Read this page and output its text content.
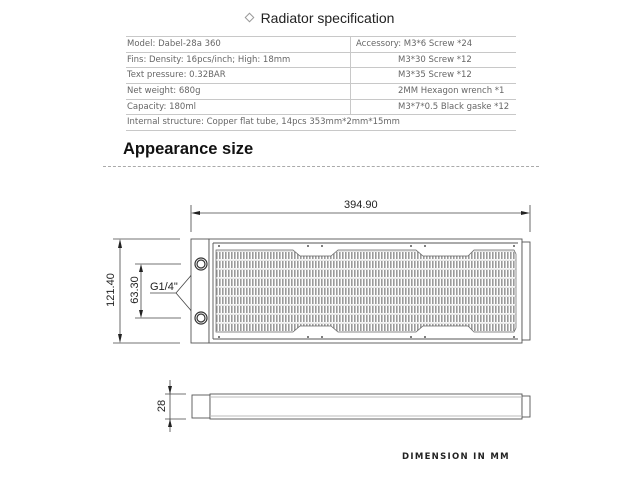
Radiator specification
Model: Dabel-28a 360	Accessory: M3*6 Screw *24
Fins: Density: 16pcs/inch; High: 18mm	M3*30 Screw *12
Text pressure: 0.32BAR	M3*35 Screw *12
Net weight: 680g	2MM Hexagon wrench *1
Capacity: 180ml	M3*7*0.5 Black gaske *12
Internal structure: Copper flat tube, 14pcs 353mm*2mm*15mm
Appearance size
394.90
121.40 63.30 G1/4"
28
DIMENSION IN MM
